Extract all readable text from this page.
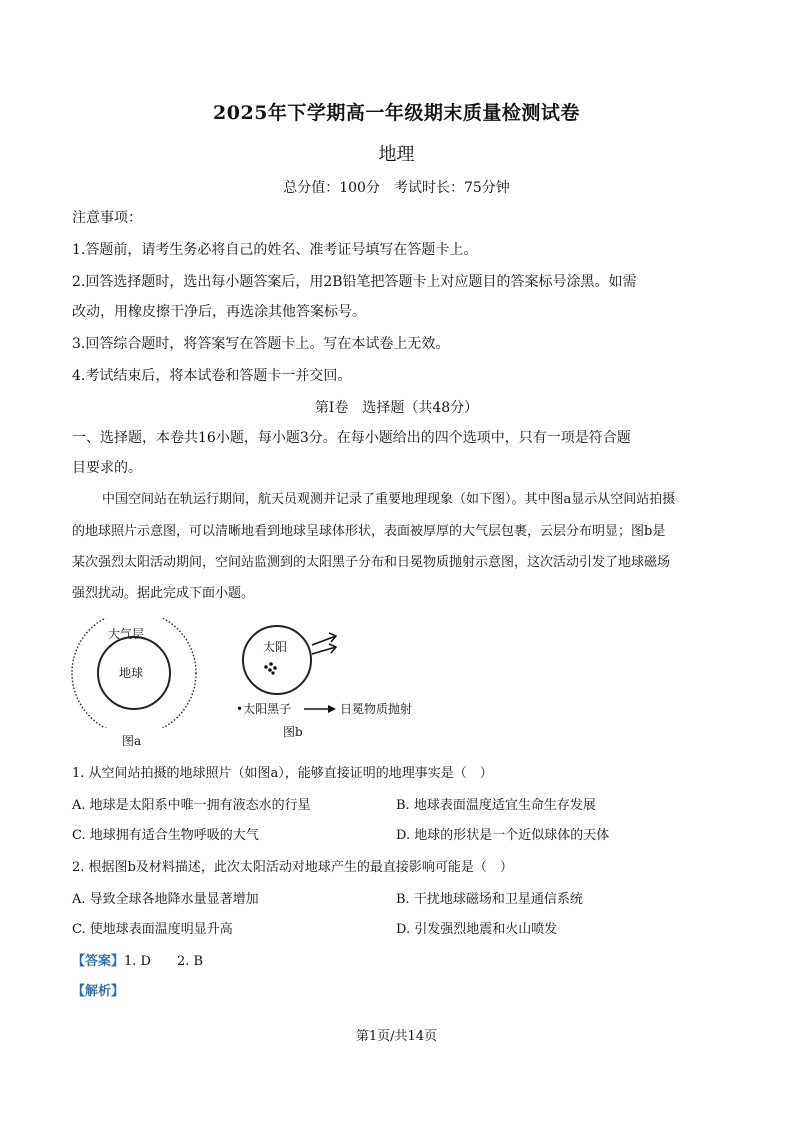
2025年下学期高一年级期末质量检测试卷
地理
总分值：100分　考试时长：75分钟
注意事项：
1.答题前，请考生务必将自己的姓名、准考证号填写在答题卡上。
2.回答选择题时，选出每小题答案后，用2B铅笔把答题卡上对应题目的答案标号涂黑。如需
改动，用橡皮擦干净后，再选涂其他答案标号。
3.回答综合题时，将答案写在答题卡上。写在本试卷上无效。
4.考试结束后，将本试卷和答题卡一并交回。
第Ⅰ卷　选择题（共48分）
一、选择题，本卷共16小题，每小题3分。在每小题给出的四个选项中，只有一项是符合题
目要求的。
中国空间站在轨运行期间，航天员观测并记录了重要地理现象（如下图）。其中图a显示从空间站拍摄
的地球照片示意图，可以清晰地看到地球呈球体形状，表面被厚厚的大气层包裹，云层分布明显；图b是
某次强烈太阳活动期间，空间站监测到的太阳黑子分布和日冕物质抛射示意图，这次活动引发了地球磁场
强烈扰动。据此完成下面小题。
大气层
地球
图a
太阳
•太阳黑子	日冕物质抛射
图b
1. 从空间站拍摄的地球照片（如图a），能够直接证明的地理事实是（　）
A. 地球是太阳系中唯一拥有液态水的行星	B. 地球表面温度适宜生命生存发展
C. 地球拥有适合生物呼吸的大气	D. 地球的形状是一个近似球体的天体
2. 根据图b及材料描述，此次太阳活动对地球产生的最直接影响可能是（　）
A. 导致全球各地降水量显著增加	B. 干扰地球磁场和卫星通信系统
C. 使地球表面温度明显升高	D. 引发强烈地震和火山喷发
【答案】1. D　　2. B
【解析】
第1页/共14页
